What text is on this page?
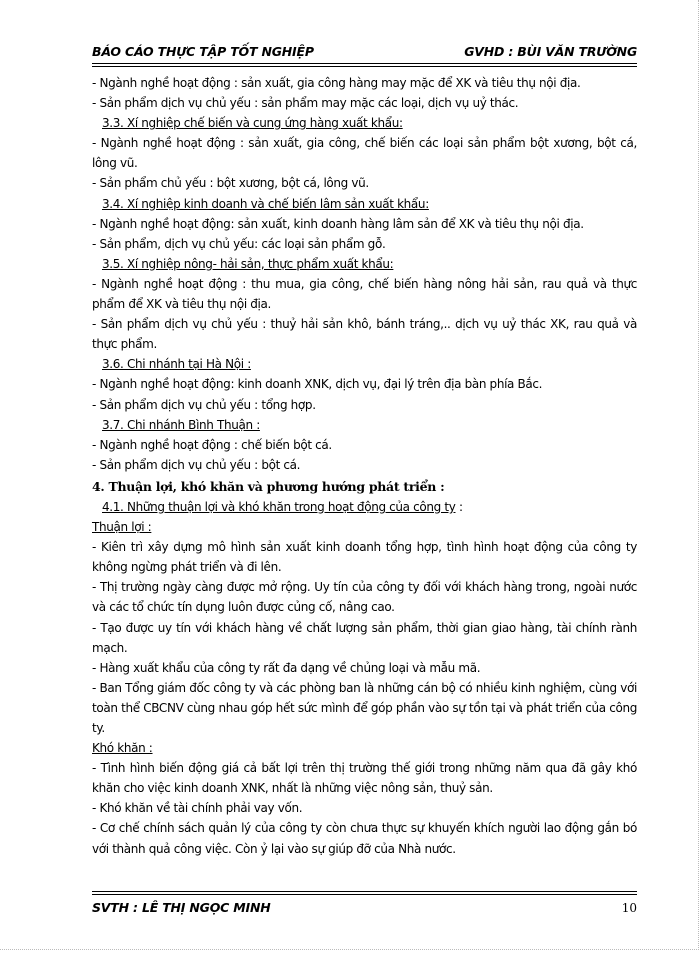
BÁO CÁO THỰC TẬP TỐT NGHIỆP	GVHD : BÙI VĂN TRƯỜNG

- Ngành nghề hoạt động : sản xuất, gia công hàng may mặc để XK và tiêu thụ nội địa.

- Sản phẩm dịch vụ chủ yếu : sản phẩm may mặc các loại, dịch vụ uỷ thác.

3.3. Xí nghiệp chế biến và cung ứng hàng xuất khẩu:

- Ngành nghề hoạt động : sản xuất, gia công, chế biến các loại sản phẩm bột xương, bột cá, lông vũ.

- Sản phẩm chủ yếu : bột xương, bột cá, lông vũ.

3.4. Xí nghiệp kinh doanh và chế biến lâm sản xuất khẩu:

- Ngành nghề hoạt động: sản xuất, kinh doanh hàng lâm sản để XK và tiêu thụ nội địa.

- Sản phẩm, dịch vụ chủ yếu: các loại sản phẩm gỗ.

3.5. Xí nghiệp nông- hải sản, thực phẩm xuất khẩu:

- Ngành nghề hoạt động : thu mua, gia công, chế biến hàng nông hải sản, rau quả và thực phẩm để XK và tiêu thụ nội địa.

- Sản phẩm dịch vụ chủ yếu : thuỷ hải sản khô, bánh tráng,.. dịch vụ uỷ thác XK, rau quả và thực phẩm.

3.6. Chi nhánh tại Hà Nội :

- Ngành nghề hoạt động: kinh doanh XNK, dịch vụ, đại lý trên địa bàn phía Bắc.

- Sản phẩm dịch vụ chủ yếu : tổng hợp.

3.7. Chi nhánh Bình Thuận :

- Ngành nghề hoạt động : chế biến bột cá.

- Sản phẩm dịch vụ chủ yếu : bột cá.

4. Thuận lợi, khó khăn và phương hướng phát triển :

4.1. Những thuận lợi và khó khăn trong hoạt động của công ty :

Thuận lợi :

- Kiên trì xây dựng mô hình sản xuất kinh doanh tổng hợp, tình hình hoạt động của công ty không ngừng phát triển và đi lên.

- Thị trường ngày càng được mở rộng. Uy tín của công ty đối với khách hàng trong, ngoài nước và các tổ chức tín dụng luôn được củng cố, nâng cao.

- Tạo được uy tín với khách hàng về chất lượng sản phẩm, thời gian giao hàng, tài chính rành mạch.

- Hàng xuất khẩu của công ty rất đa dạng về chủng loại và mẫu mã.

- Ban Tổng giám đốc công ty và các phòng ban là những cán bộ có nhiều kinh nghiệm, cùng với toàn thể CBCNV cùng nhau góp hết sức mình để góp phần vào sự tồn tại và phát triển của công ty.

Khó khăn :

- Tình hình biến động giá cả bất lợi trên thị trường thế giới trong những năm qua đã gây khó khăn cho việc kinh doanh XNK, nhất là những việc nông sản, thuỷ sản.

- Khó khăn về tài chính phải vay vốn.

- Cơ chế chính sách quản lý của công ty còn chưa thực sự khuyến khích người lao động gắn bó với thành quả công việc. Còn ỷ lại vào sự giúp đỡ của Nhà nước.

SVTH : LÊ THỊ NGỌC MINH	10
